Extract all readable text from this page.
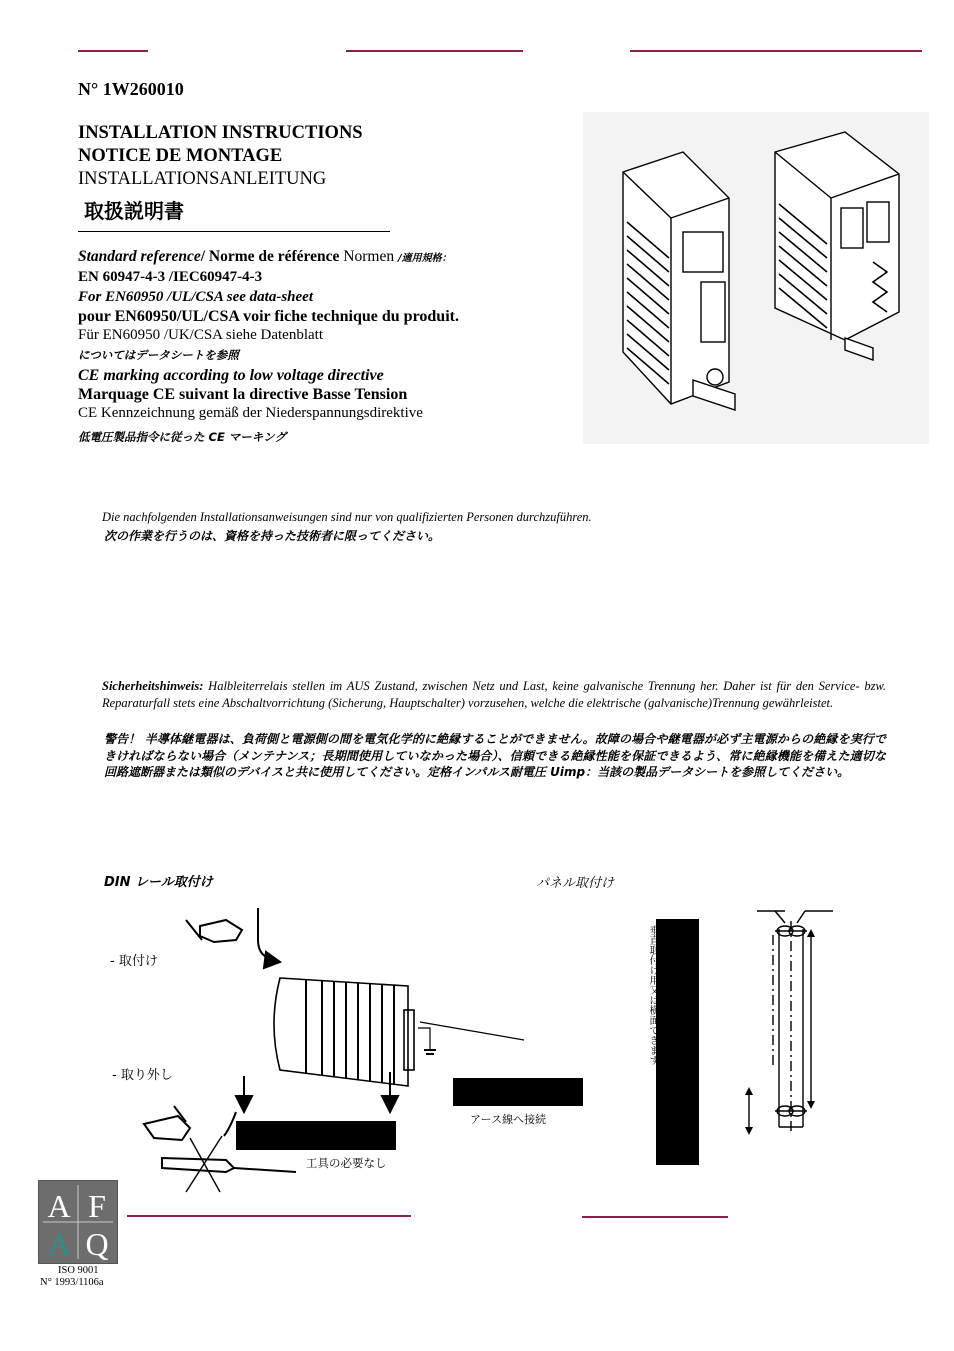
N° 1W260010
INSTALLATION INSTRUCTIONS
NOTICE DE MONTAGE
INSTALLATIONSANLEITUNG
取扱説明書
Standard reference/ Norme de référence Normen /適用規格：
EN 60947-4-3 /IEC60947-4-3
For EN60950 /UL/CSA see data-sheet
pour EN60950/UL/CSA voir fiche technique du produit.
Für EN60950 /UK/CSA siehe Datenblatt
についてはデータシートを参照
CE marking according to low voltage directive
Marquage CE suivant la directive Basse Tension
CE Kennzeichnung gemäß der Niederspannungsdirektive
低電圧製品指令に従った CE マーキング
Die nachfolgenden Installationsanweisungen sind nur von qualifizierten Personen durchzuführen.
次の作業を行うのは、資格を持った技術者に限ってください。
Sicherheitshinweis: Halbleiterrelais stellen im AUS Zustand, zwischen Netz und Last, keine galvanische Trennung her. Daher ist für den Service- bzw. Reparaturfall stets eine Abschaltvorrichtung (Sicherung, Hauptschalter) vorzusehen, welche die elektrische (galvanische)Trennung gewährleistet.
警告！ 半導体継電器は、負荷側と電源側の間を電気化学的に絶縁することができません。故障の場合や継電器が必ず主電源からの絶縁を実行できければならない場合（メンテナンス；長期間使用していなかった場合）、信頼できる絶縁性能を保証できるよう、常に絶縁機能を備えた適切な回路遮断器または類似のデバイスと共に使用してください。定格インパルス耐電圧 Uimp：当該の製品データシートを参照してください。
DIN レール取付け	パネル取付け
- 取付け
- 取り外し
アース線へ接続
工具の必要なし
垂直取付け用又は横面できます
A F
A Q
ISO 9001
N° 1993/1106a
